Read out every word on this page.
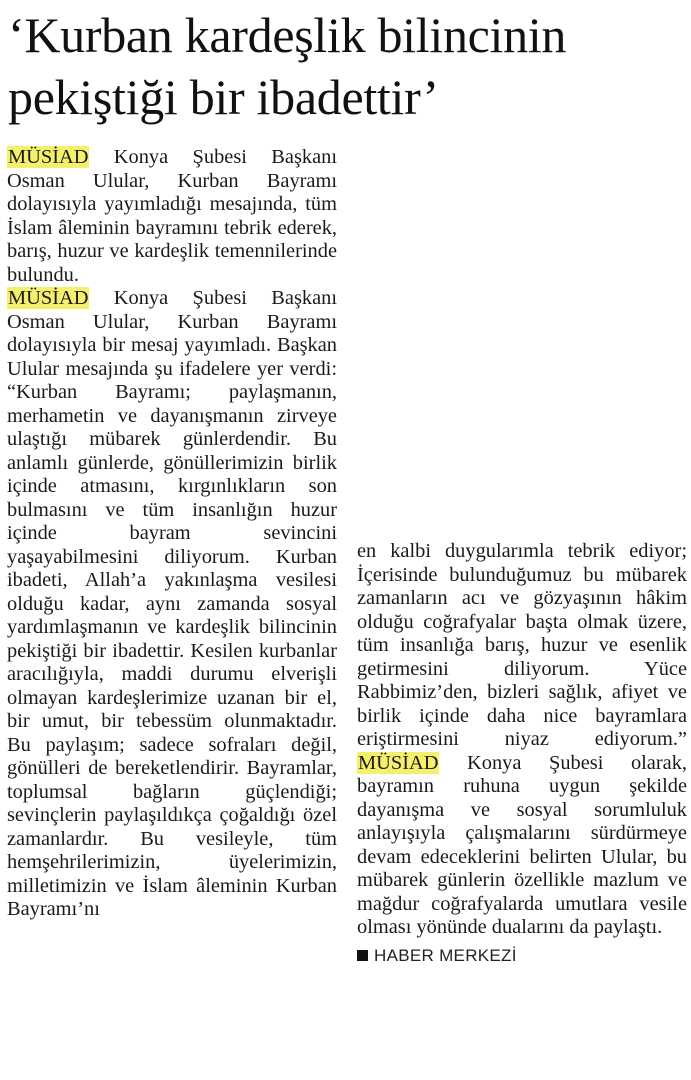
‘Kurban kardeşlik bilincinin pekiştiği bir ibadettir’

MÜSİAD Konya Şubesi Başkanı Osman Ulular, Kurban Bayramı dolayısıyla yayımladığı mesajında, tüm İslam âleminin bayramını tebrik ederek, barış, huzur ve kardeşlik temennilerinde bulundu.

MÜSİAD Konya Şubesi Başkanı Osman Ulular, Kurban Bayramı dolayısıyla bir mesaj yayımladı. Başkan Ulular mesajında şu ifadelere yer verdi: “Kurban Bayramı; paylaşmanın, merhametin ve dayanışmanın zirveye ulaştığı mübarek günlerdendir. Bu anlamlı günlerde, gönüllerimizin birlik içinde atmasını, kırgınlıkların son bulmasını ve tüm insanlığın huzur içinde bayram sevincini yaşayabilmesini diliyorum. Kurban ibadeti, Allah’a yakınlaşma vesilesi olduğu kadar, aynı zamanda sosyal yardımlaşmanın ve kardeşlik bilincinin pekiştiği bir ibadettir. Kesilen kurbanlar aracılığıyla, maddi durumu elverişli olmayan kardeşlerimize uzanan bir el, bir umut, bir tebessüm olunmaktadır. Bu paylaşım; sadece sofraları değil, gönülleri de bereketlendirir. Bayramlar, toplumsal bağların güçlendiği; sevinçlerin paylaşıldıkça çoğaldığı özel zamanlardır. Bu vesileyle, tüm hemşehrilerimizin, üyelerimizin, milletimizin ve İslam âleminin Kurban Bayramı’nı

en kalbi duygularımla tebrik ediyor; İçerisinde bulunduğumuz bu mübarek zamanların acı ve gözyaşının hâkim olduğu coğrafyalar başta olmak üzere, tüm insanlığa barış, huzur ve esenlik getirmesini diliyorum. Yüce Rabbimiz’den, bizleri sağlık, afiyet ve birlik içinde daha nice bayramlara eriştirmesini niyaz ediyorum.” MÜSİAD Konya Şubesi olarak, bayramın ruhuna uygun şekilde dayanışma ve sosyal sorumluluk anlayışıyla çalışmalarını sürdürmeye devam edeceklerini belirten Ulular, bu mübarek günlerin özellikle mazlum ve mağdur coğrafyalarda umutlara vesile olması yönünde dualarını da paylaştı.

HABER MERKEZİ
